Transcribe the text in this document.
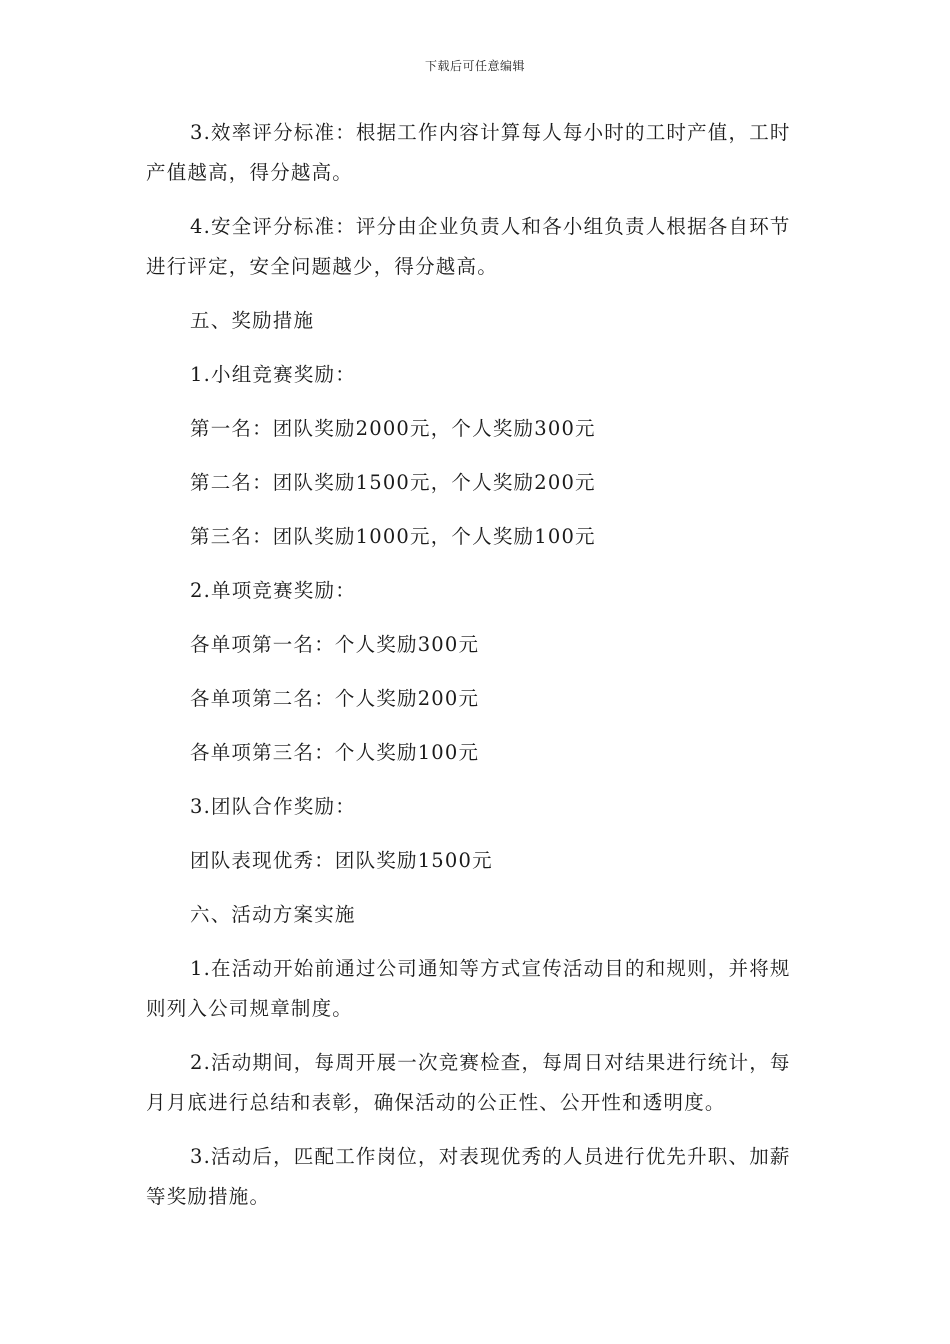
下载后可任意编辑

3.效率评分标准：根据工作内容计算每人每小时的工时产值，工时产值越高，得分越高。

4.安全评分标准：评分由企业负责人和各小组负责人根据各自环节进行评定，安全问题越少，得分越高。

五、奖励措施

1.小组竞赛奖励：

第一名：团队奖励2000元，个人奖励300元

第二名：团队奖励1500元，个人奖励200元

第三名：团队奖励1000元，个人奖励100元

2.单项竞赛奖励：

各单项第一名：个人奖励300元

各单项第二名：个人奖励200元

各单项第三名：个人奖励100元

3.团队合作奖励：

团队表现优秀：团队奖励1500元

六、活动方案实施

1.在活动开始前通过公司通知等方式宣传活动目的和规则，并将规则列入公司规章制度。

2.活动期间，每周开展一次竞赛检查，每周日对结果进行统计，每月月底进行总结和表彰，确保活动的公正性、公开性和透明度。

3.活动后，匹配工作岗位，对表现优秀的人员进行优先升职、加薪等奖励措施。
